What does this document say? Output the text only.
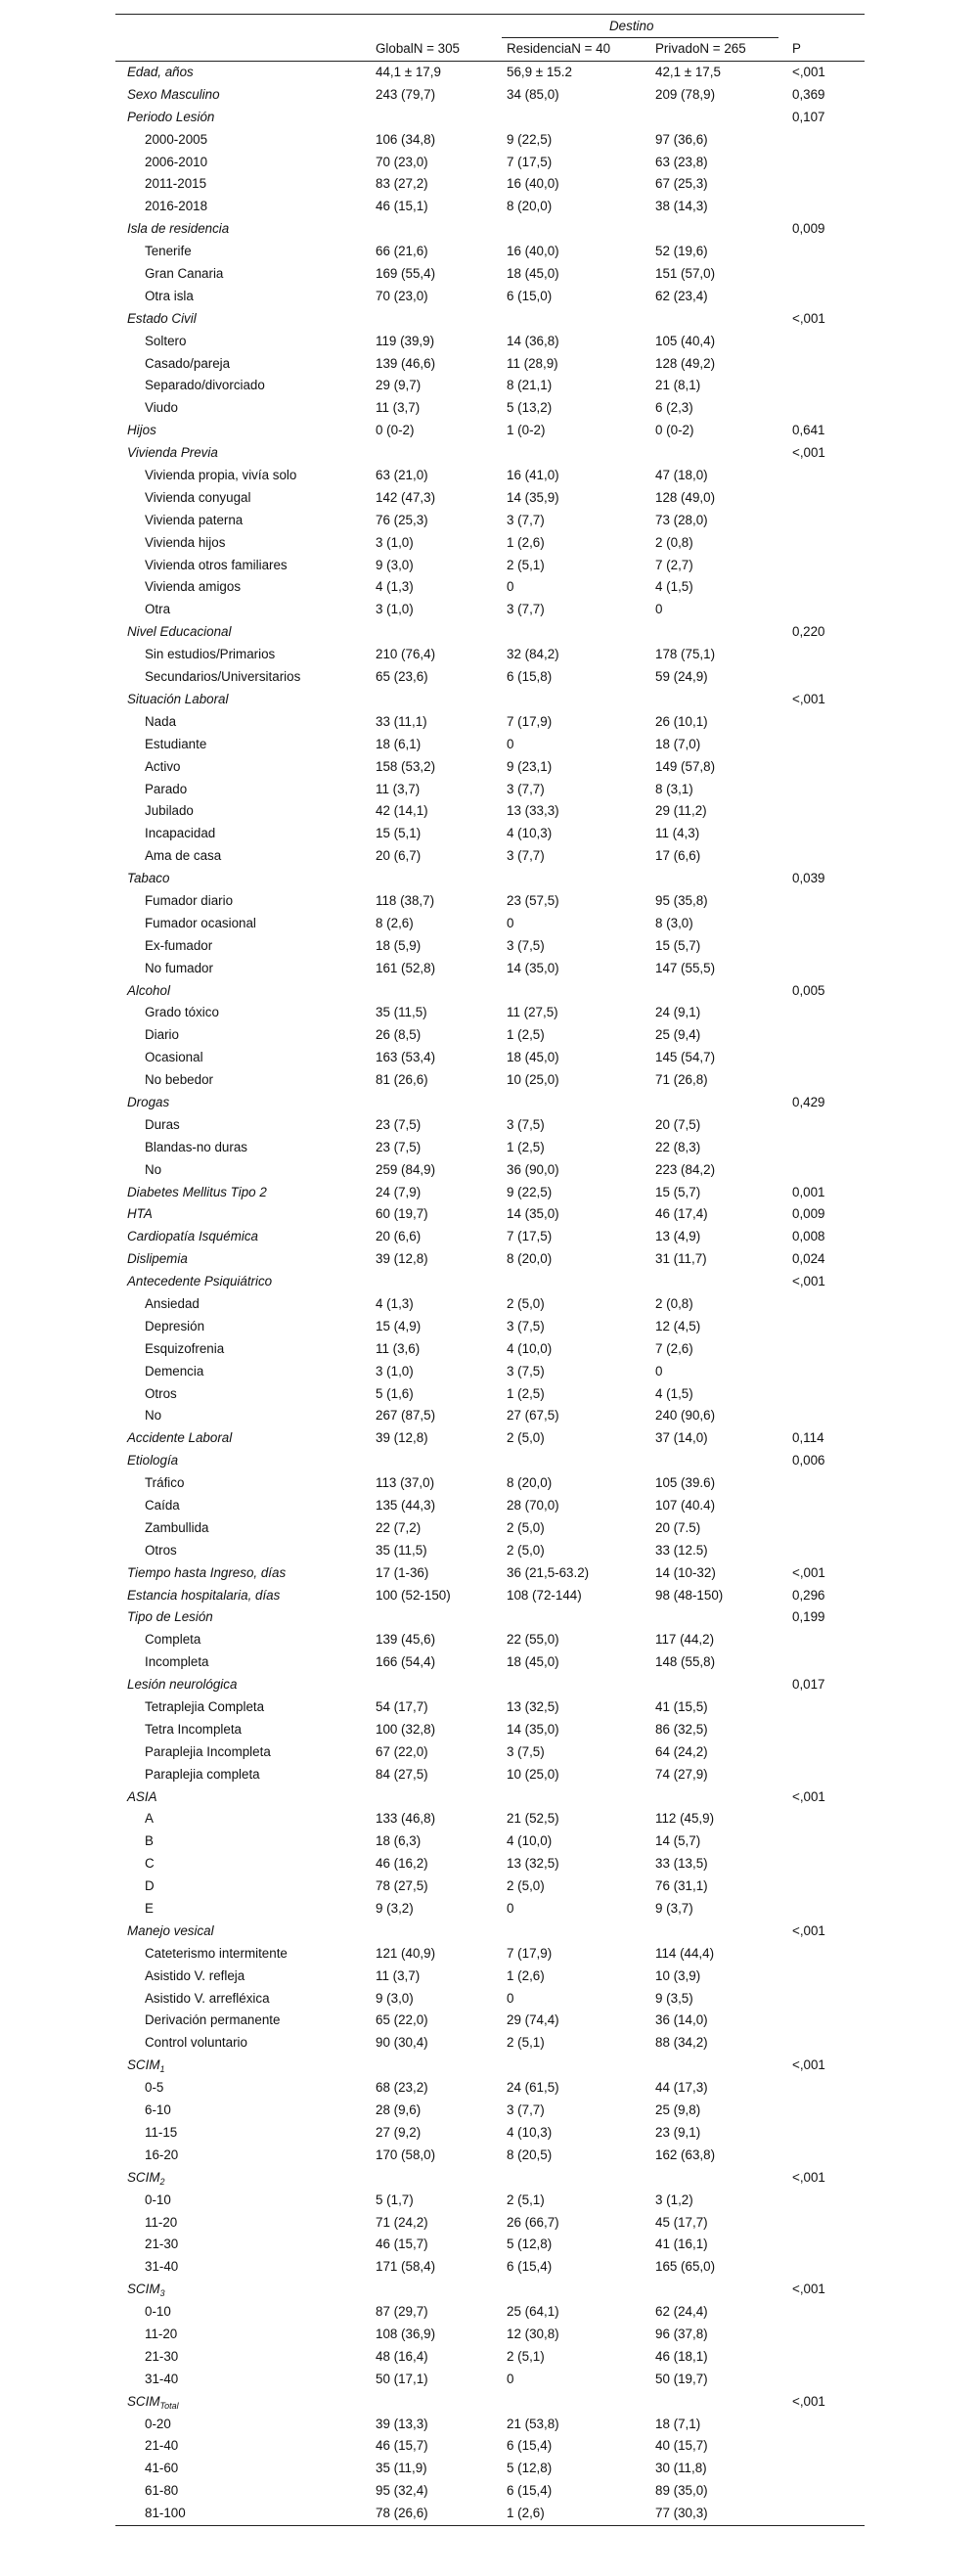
Destino
GlobalN = 305	ResidenciaN = 40	PrivadoN = 265	P
Edad, años	44,1 ± 17,9	56,9 ± 15.2	42,1 ± 17,5	<,001
Sexo Masculino	243 (79,7)	34 (85,0)	209 (78,9)	0,369
Periodo Lesión	0,107
2000-2005	106 (34,8)	9 (22,5)	97 (36,6)
2006-2010	70 (23,0)	7 (17,5)	63 (23,8)
2011-2015	83 (27,2)	16 (40,0)	67 (25,3)
2016-2018	46 (15,1)	8 (20,0)	38 (14,3)
Isla de residencia	0,009
Tenerife	66 (21,6)	16 (40,0)	52 (19,6)
Gran Canaria	169 (55,4)	18 (45,0)	151 (57,0)
Otra isla	70 (23,0)	6 (15,0)	62 (23,4)
Estado Civil	<,001
Soltero	119 (39,9)	14 (36,8)	105 (40,4)
Casado/pareja	139 (46,6)	11 (28,9)	128 (49,2)
Separado/divorciado	29 (9,7)	8 (21,1)	21 (8,1)
Viudo	11 (3,7)	5 (13,2)	6 (2,3)
Hijos	0 (0-2)	1 (0-2)	0 (0-2)	0,641
Vivienda Previa	<,001
Vivienda propia, vivía solo	63 (21,0)	16 (41,0)	47 (18,0)
Vivienda conyugal	142 (47,3)	14 (35,9)	128 (49,0)
Vivienda paterna	76 (25,3)	3 (7,7)	73 (28,0)
Vivienda hijos	3 (1,0)	1 (2,6)	2 (0,8)
Vivienda otros familiares	9 (3,0)	2 (5,1)	7 (2,7)
Vivienda amigos	4 (1,3)	0	4 (1,5)
Otra	3 (1,0)	3 (7,7)	0
Nivel Educacional	0,220
Sin estudios/Primarios	210 (76,4)	32 (84,2)	178 (75,1)
Secundarios/Universitarios	65 (23,6)	6 (15,8)	59 (24,9)
Situación Laboral	<,001
Nada	33 (11,1)	7 (17,9)	26 (10,1)
Estudiante	18 (6,1)	0	18 (7,0)
Activo	158 (53,2)	9 (23,1)	149 (57,8)
Parado	11 (3,7)	3 (7,7)	8 (3,1)
Jubilado	42 (14,1)	13 (33,3)	29 (11,2)
Incapacidad	15 (5,1)	4 (10,3)	11 (4,3)
Ama de casa	20 (6,7)	3 (7,7)	17 (6,6)
Tabaco	0,039
Fumador diario	118 (38,7)	23 (57,5)	95 (35,8)
Fumador ocasional	8 (2,6)	0	8 (3,0)
Ex-fumador	18 (5,9)	3 (7,5)	15 (5,7)
No fumador	161 (52,8)	14 (35,0)	147 (55,5)
Alcohol	0,005
Grado tóxico	35 (11,5)	11 (27,5)	24 (9,1)
Diario	26 (8,5)	1 (2,5)	25 (9,4)
Ocasional	163 (53,4)	18 (45,0)	145 (54,7)
No bebedor	81 (26,6)	10 (25,0)	71 (26,8)
Drogas	0,429
Duras	23 (7,5)	3 (7,5)	20 (7,5)
Blandas-no duras	23 (7,5)	1 (2,5)	22 (8,3)
No	259 (84,9)	36 (90,0)	223 (84,2)
Diabetes Mellitus Tipo 2	24 (7,9)	9 (22,5)	15 (5,7)	0,001
HTA	60 (19,7)	14 (35,0)	46 (17,4)	0,009
Cardiopatía Isquémica	20 (6,6)	7 (17,5)	13 (4,9)	0,008
Dislipemia	39 (12,8)	8 (20,0)	31 (11,7)	0,024
Antecedente Psiquiátrico	<,001
Ansiedad	4 (1,3)	2 (5,0)	2 (0,8)
Depresión	15 (4,9)	3 (7,5)	12 (4,5)
Esquizofrenia	11 (3,6)	4 (10,0)	7 (2,6)
Demencia	3 (1,0)	3 (7,5)	0
Otros	5 (1,6)	1 (2,5)	4 (1,5)
No	267 (87,5)	27 (67,5)	240 (90,6)
Accidente Laboral	39 (12,8)	2 (5,0)	37 (14,0)	0,114
Etiología	0,006
Tráfico	113 (37,0)	8 (20,0)	105 (39.6)
Caída	135 (44,3)	28 (70,0)	107 (40.4)
Zambullida	22 (7,2)	2 (5,0)	20 (7.5)
Otros	35 (11,5)	2 (5,0)	33 (12.5)
Tiempo hasta Ingreso, días	17 (1-36)	36 (21,5-63.2)	14 (10-32)	<,001
Estancia hospitalaria, días	100 (52-150)	108 (72-144)	98 (48-150)	0,296
Tipo de Lesión	0,199
Completa	139 (45,6)	22 (55,0)	117 (44,2)
Incompleta	166 (54,4)	18 (45,0)	148 (55,8)
Lesión neurológica	0,017
Tetraplejia Completa	54 (17,7)	13 (32,5)	41 (15,5)
Tetra Incompleta	100 (32,8)	14 (35,0)	86 (32,5)
Paraplejia Incompleta	67 (22,0)	3 (7,5)	64 (24,2)
Paraplejia completa	84 (27,5)	10 (25,0)	74 (27,9)
ASIA	<,001
A	133 (46,8)	21 (52,5)	112 (45,9)
B	18 (6,3)	4 (10,0)	14 (5,7)
C	46 (16,2)	13 (32,5)	33 (13,5)
D	78 (27,5)	2 (5,0)	76 (31,1)
E	9 (3,2)	0	9 (3,7)
Manejo vesical	<,001
Cateterismo intermitente	121 (40,9)	7 (17,9)	114 (44,4)
Asistido V. refleja	11 (3,7)	1 (2,6)	10 (3,9)
Asistido V. arrefléxica	9 (3,0)	0	9 (3,5)
Derivación permanente	65 (22,0)	29 (74,4)	36 (14,0)
Control voluntario	90 (30,4)	2 (5,1)	88 (34,2)
$SCIM_1$	<,001
0-5	68 (23,2)	24 (61,5)	44 (17,3)
6-10	28 (9,6)	3 (7,7)	25 (9,8)
11-15	27 (9,2)	4 (10,3)	23 (9,1)
16-20	170 (58,0)	8 (20,5)	162 (63,8)
$SCIM_2$	<,001
0-10	5 (1,7)	2 (5,1)	3 (1,2)
11-20	71 (24,2)	26 (66,7)	45 (17,7)
21-30	46 (15,7)	5 (12,8)	41 (16,1)
31-40	171 (58,4)	6 (15,4)	165 (65,0)
$SCIM_3$	<,001
0-10	87 (29,7)	25 (64,1)	62 (24,4)
11-20	108 (36,9)	12 (30,8)	96 (37,8)
21-30	48 (16,4)	2 (5,1)	46 (18,1)
31-40	50 (17,1)	0	50 (19,7)
$SCIM_{Total}$	<,001
0-20	39 (13,3)	21 (53,8)	18 (7,1)
21-40	46 (15,7)	6 (15,4)	40 (15,7)
41-60	35 (11,9)	5 (12,8)	30 (11,8)
61-80	95 (32,4)	6 (15,4)	89 (35,0)
81-100	78 (26,6)	1 (2,6)	77 (30,3)
